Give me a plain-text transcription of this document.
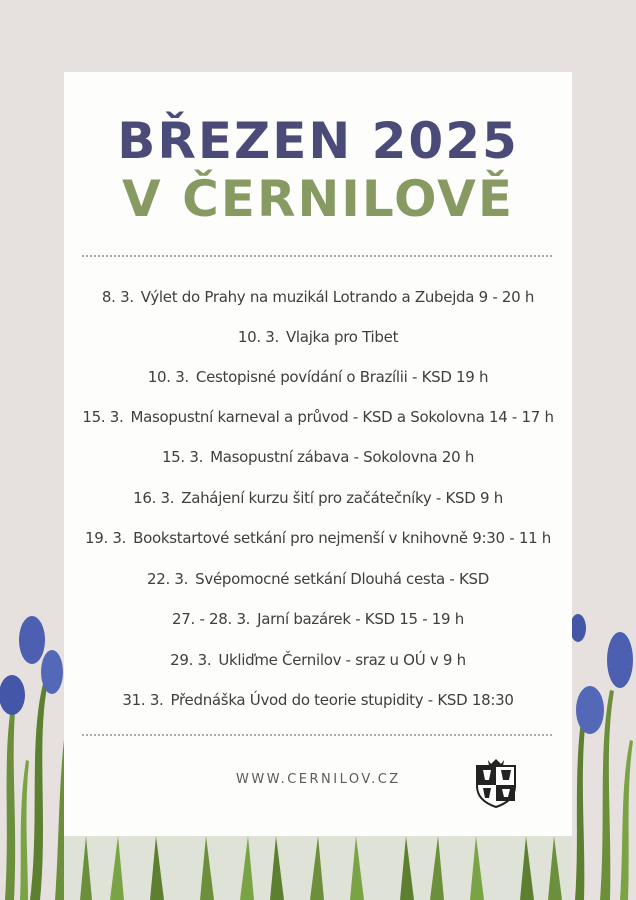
BŘEZEN 2025
V ČERNILOVĚ
8. 3. Výlet do Prahy na muzikál Lotrando a Zubejda 9 - 20 h
10. 3. Vlajka pro Tibet
10. 3. Cestopisné povídání o Brazílii - KSD 19 h
15. 3. Masopustní karneval a průvod - KSD a Sokolovna 14 - 17 h
15. 3. Masopustní zábava - Sokolovna 20 h
16. 3. Zahájení kurzu šití pro začátečníky - KSD 9 h
19. 3. Bookstartové setkání pro nejmenší v knihovně 9:30 - 11 h
22. 3. Svépomocné setkání Dlouhá cesta - KSD
27. - 28. 3. Jarní bazárek - KSD 15 - 19 h
29. 3. Ukliďme Černilov - sraz u OÚ v 9 h
31. 3. Přednáška Úvod do teorie stupidity - KSD 18:30
WWW.CERNILOV.CZ
